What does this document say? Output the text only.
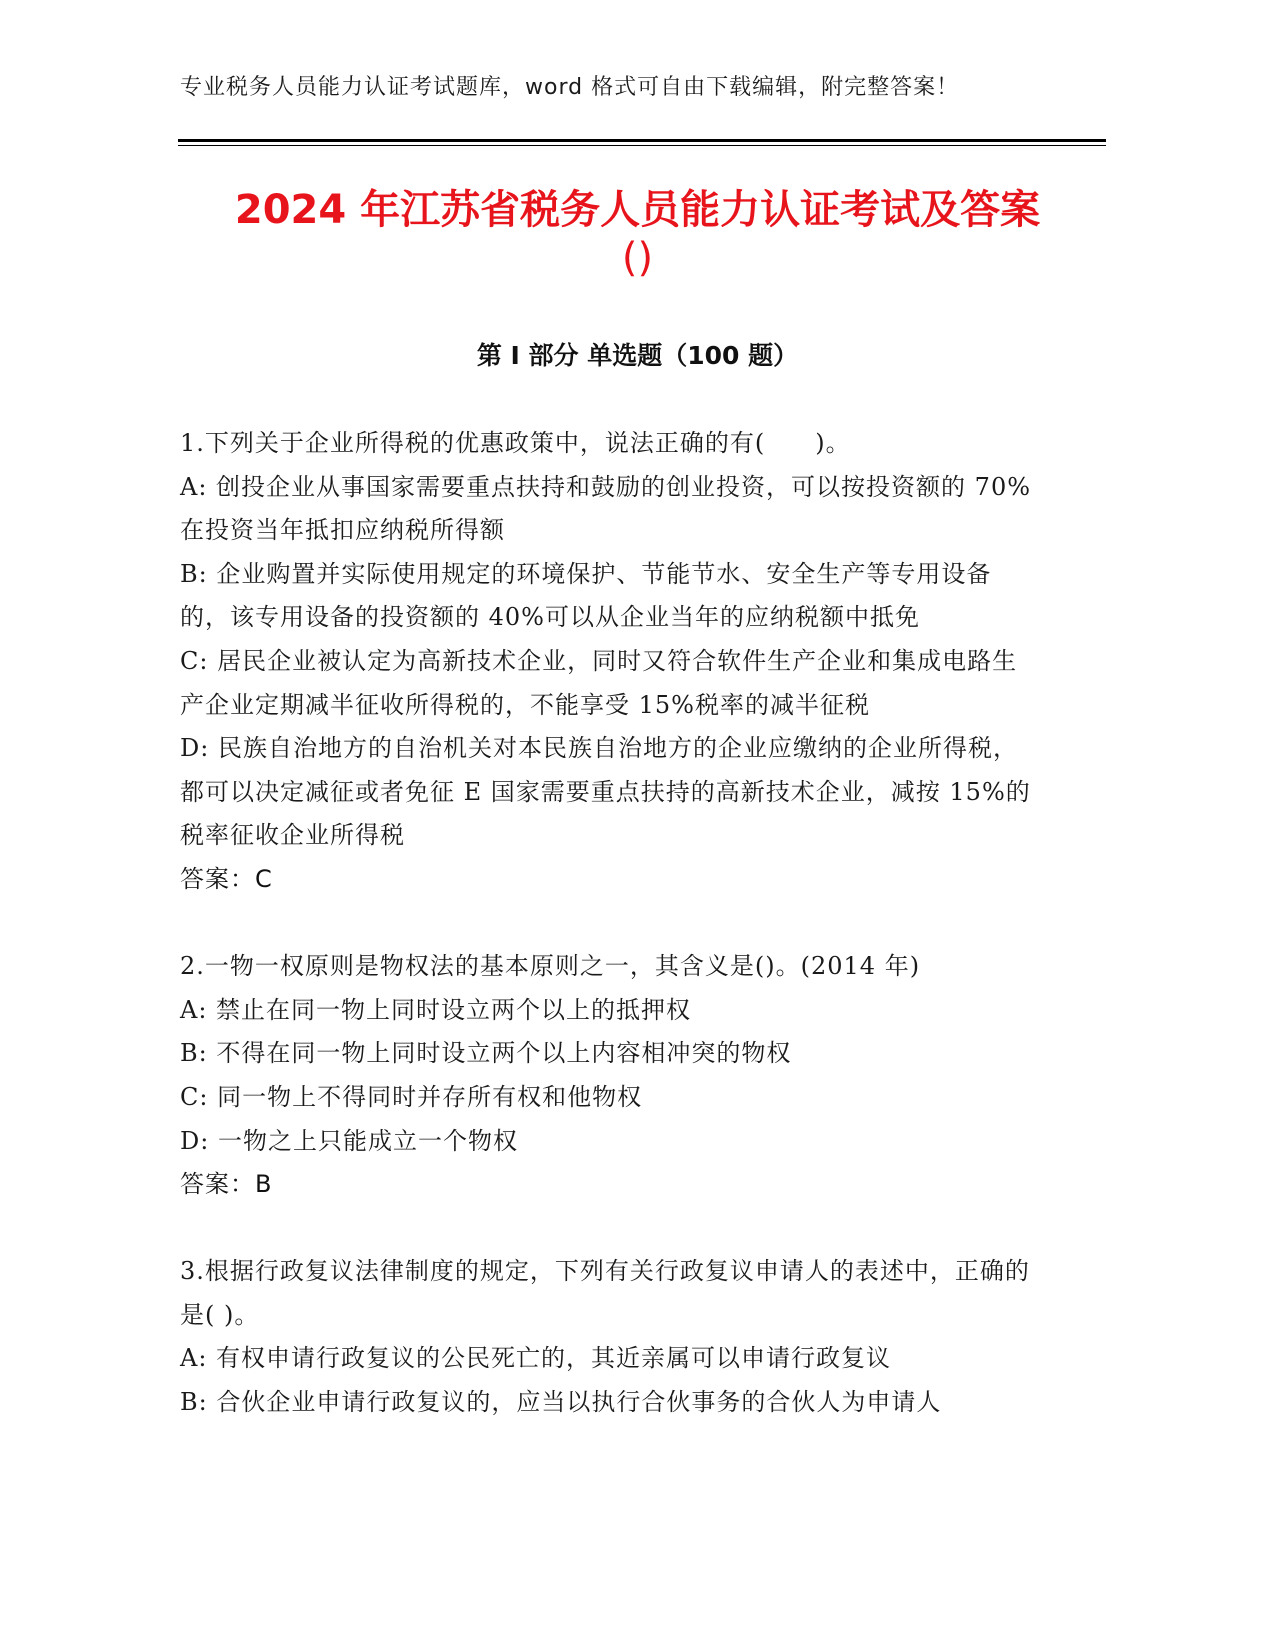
专业税务人员能力认证考试题库，word 格式可自由下载编辑，附完整答案！
2024 年江苏省税务人员能力认证考试及答案
()
第 I 部分 单选题（100 题）

1.下列关于企业所得税的优惠政策中，说法正确的有(　　)。

A: 创投企业从事国家需要重点扶持和鼓励的创业投资，可以按投资额的 70%在投资当年抵扣应纳税所得额

B: 企业购置并实际使用规定的环境保护、节能节水、安全生产等专用设备的，该专用设备的投资额的 40%可以从企业当年的应纳税额中抵免

C: 居民企业被认定为高新技术企业，同时又符合软件生产企业和集成电路生产企业定期减半征收所得税的，不能享受 15%税率的减半征税

D: 民族自治地方的自治机关对本民族自治地方的企业应缴纳的企业所得税，都可以决定减征或者免征 E 国家需要重点扶持的高新技术企业，减按 15%的税率征收企业所得税

答案：C

2.一物一权原则是物权法的基本原则之一，其含义是()。(2014 年)

A: 禁止在同一物上同时设立两个以上的抵押权

B: 不得在同一物上同时设立两个以上内容相冲突的物权

C: 同一物上不得同时并存所有权和他物权

D: 一物之上只能成立一个物权

答案：B

3.根据行政复议法律制度的规定，下列有关行政复议申请人的表述中，正确的是( )。

A: 有权申请行政复议的公民死亡的，其近亲属可以申请行政复议

B: 合伙企业申请行政复议的，应当以执行合伙事务的合伙人为申请人
